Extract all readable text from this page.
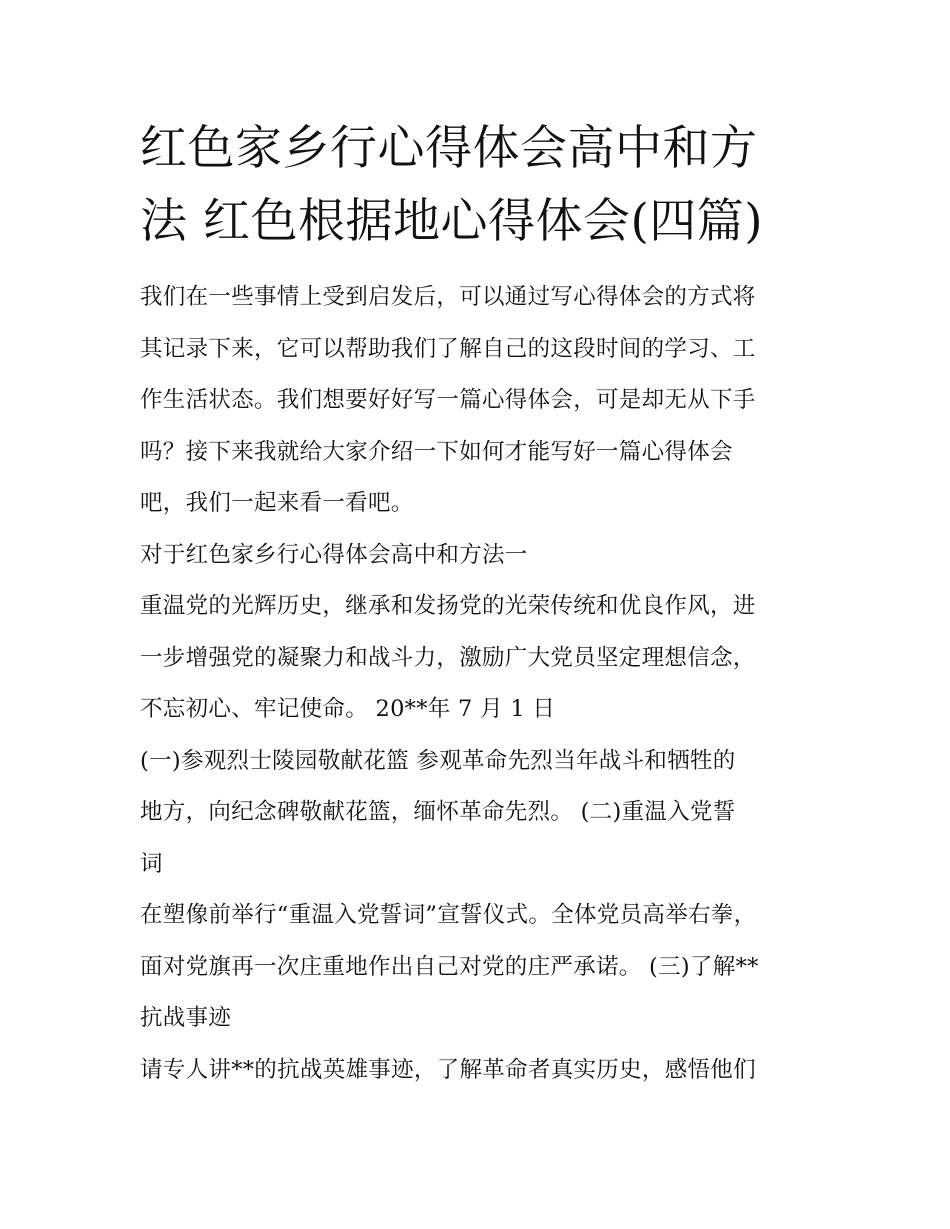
红色家乡行心得体会高中和方
法 红色根据地心得体会(四篇)

我们在一些事情上受到启发后，可以通过写心得体会的方式将
其记录下来，它可以帮助我们了解自己的这段时间的学习、工
作生活状态。我们想要好好写一篇心得体会，可是却无从下手
吗？接下来我就给大家介绍一下如何才能写好一篇心得体会
吧，我们一起来看一看吧。

对于红色家乡行心得体会高中和方法一

重温党的光辉历史，继承和发扬党的光荣传统和优良作风，进
一步增强党的凝聚力和战斗力，激励广大党员坚定理想信念，
不忘初心、牢记使命。 20**年 7 月 1 日

(一)参观烈士陵园敬献花篮 参观革命先烈当年战斗和牺牲的
地方，向纪念碑敬献花篮，缅怀革命先烈。 (二)重温入党誓
词

在塑像前举行“重温入党誓词”宣誓仪式。全体党员高举右拳，
面对党旗再一次庄重地作出自己对党的庄严承诺。 (三)了解**
抗战事迹

请专人讲**的抗战英雄事迹，了解革命者真实历史，感悟他们
